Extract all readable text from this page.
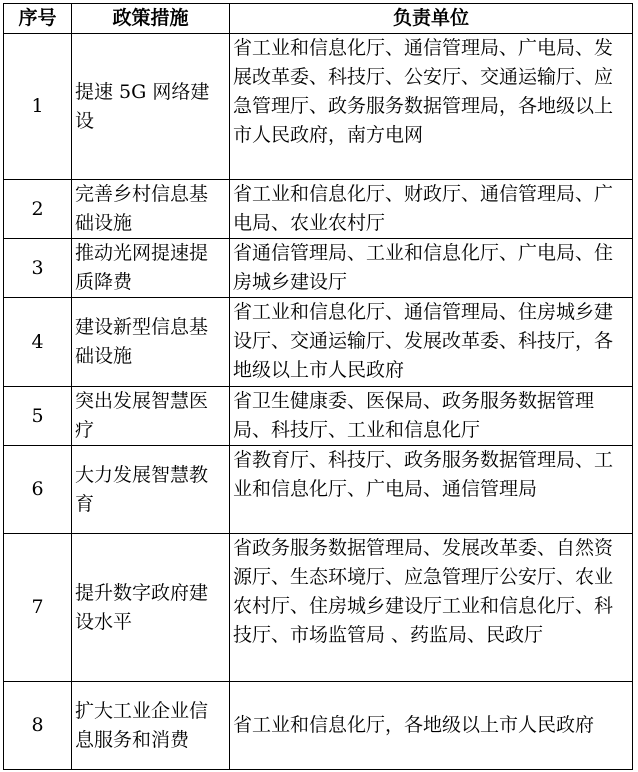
序号	政策措施	负责单位
1	提速 5G 网络建设	省工业和信息化厅、通信管理局、广电局、发展改革委、科技厅、公安厅、交通运输厅、应急管理厅、政务服务数据管理局，各地级以上市人民政府，南方电网
2	完善乡村信息基础设施	省工业和信息化厅、财政厅、通信管理局、广电局、农业农村厅
3	推动光网提速提质降费	省通信管理局、工业和信息化厅、广电局、住房城乡建设厅
4	建设新型信息基础设施	省工业和信息化厅、通信管理局、住房城乡建设厅、交通运输厅、发展改革委、科技厅，各地级以上市人民政府
5	突出发展智慧医疗	省卫生健康委、医保局、政务服务数据管理局、科技厅、工业和信息化厅
6	大力发展智慧教育	省教育厅、科技厅、政务服务数据管理局、工业和信息化厅、广电局、通信管理局
7	提升数字政府建设水平	省政务服务数据管理局、发展改革委、自然资源厅、生态环境厅、应急管理厅公安厅、农业农村厅、住房城乡建设厅工业和信息化厅、科技厅、市场监管局 、药监局、民政厅
8	扩大工业企业信息服务和消费	省工业和信息化厅，各地级以上市人民政府
